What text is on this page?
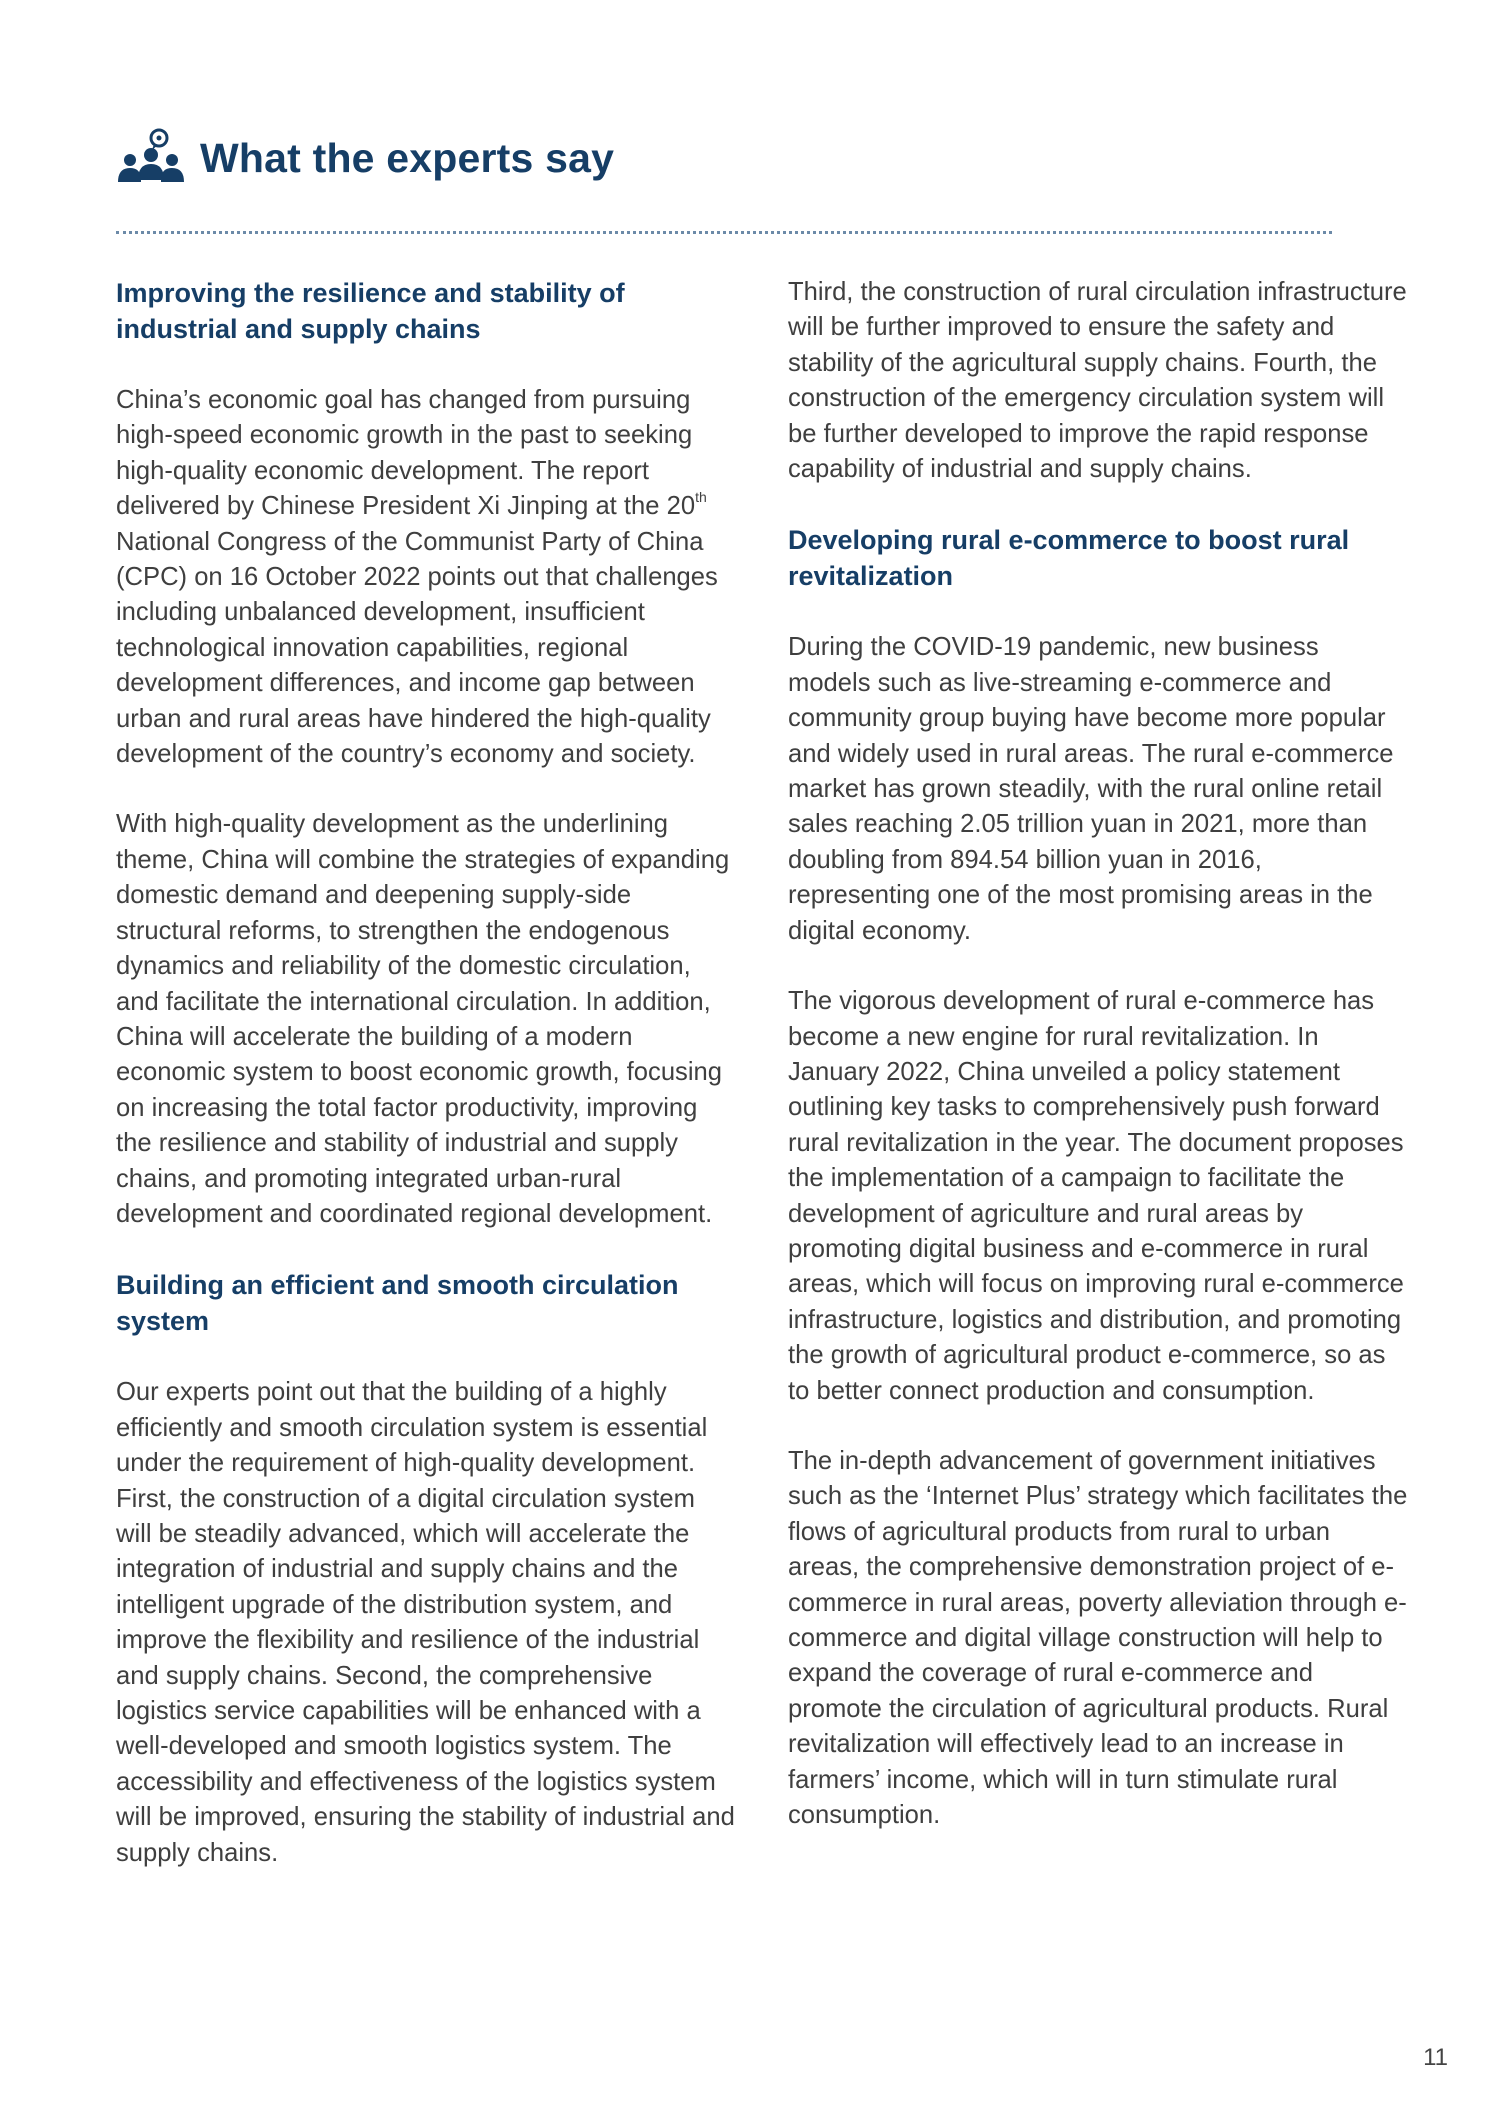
What the experts say
Improving the resilience and stability of industrial and supply chains

China’s economic goal has changed from pursuing high-speed economic growth in the past to seeking high-quality economic development. The report delivered by Chinese President Xi Jinping at the 20th National Congress of the Communist Party of China (CPC) on 16 October 2022 points out that challenges including unbalanced development, insufficient technological innovation capabilities, regional development differences, and income gap between urban and rural areas have hindered the high-quality development of the country’s economy and society.

With high-quality development as the underlining theme, China will combine the strategies of expanding domestic demand and deepening supply-side structural reforms, to strengthen the endogenous dynamics and reliability of the domestic circulation, and facilitate the international circulation. In addition, China will accelerate the building of a modern economic system to boost economic growth, focusing on increasing the total factor productivity, improving the resilience and stability of industrial and supply chains, and promoting integrated urban-rural development and coordinated regional development.

Building an efficient and smooth circulation system

Our experts point out that the building of a highly efficiently and smooth circulation system is essential under the requirement of high-quality development. First, the construction of a digital circulation system will be steadily advanced, which will accelerate the integration of industrial and supply chains and the intelligent upgrade of the distribution system, and improve the flexibility and resilience of the industrial and supply chains. Second, the comprehensive logistics service capabilities will be enhanced with a well-developed and smooth logistics system. The accessibility and effectiveness of the logistics system will be improved, ensuring the stability of industrial and supply chains.

Third, the construction of rural circulation infrastructure will be further improved to ensure the safety and stability of the agricultural supply chains. Fourth, the construction of the emergency circulation system will be further developed to improve the rapid response capability of industrial and supply chains.

Developing rural e-commerce to boost rural revitalization

During the COVID-19 pandemic, new business models such as live-streaming e-commerce and community group buying have become more popular and widely used in rural areas. The rural e-commerce market has grown steadily, with the rural online retail sales reaching 2.05 trillion yuan in 2021, more than doubling from 894.54 billion yuan in 2016, representing one of the most promising areas in the digital economy.

The vigorous development of rural e-commerce has become a new engine for rural revitalization. In January 2022, China unveiled a policy statement outlining key tasks to comprehensively push forward rural revitalization in the year. The document proposes the implementation of a campaign to facilitate the development of agriculture and rural areas by promoting digital business and e-commerce in rural areas, which will focus on improving rural e-commerce infrastructure, logistics and distribution, and promoting the growth of agricultural product e-commerce, so as to better connect production and consumption.

The in-depth advancement of government initiatives such as the ‘Internet Plus’ strategy which facilitates the flows of agricultural products from rural to urban areas, the comprehensive demonstration project of e-commerce in rural areas, poverty alleviation through e-commerce and digital village construction will help to expand the coverage of rural e-commerce and promote the circulation of agricultural products. Rural revitalization will effectively lead to an increase in farmers’ income, which will in turn stimulate rural consumption.

11
